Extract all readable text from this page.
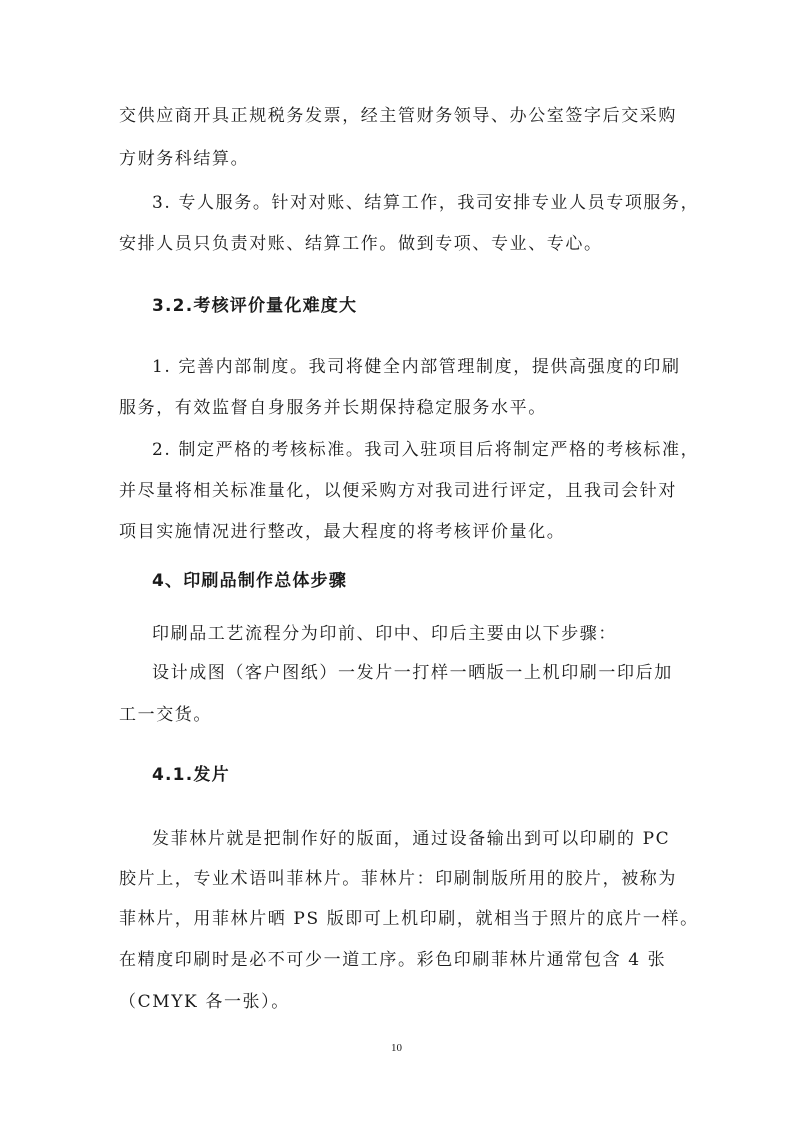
交供应商开具正规税务发票，经主管财务领导、办公室签字后交采购
方财务科结算。
3. 专人服务。针对对账、结算工作，我司安排专业人员专项服务，
安排人员只负责对账、结算工作。做到专项、专业、专心。
3.2.考核评价量化难度大
1. 完善内部制度。我司将健全内部管理制度，提供高强度的印刷
服务，有效监督自身服务并长期保持稳定服务水平。
2. 制定严格的考核标准。我司入驻项目后将制定严格的考核标准，
并尽量将相关标准量化，以便采购方对我司进行评定，且我司会针对
项目实施情况进行整改，最大程度的将考核评价量化。
4、印刷品制作总体步骤
印刷品工艺流程分为印前、印中、印后主要由以下步骤：
设计成图（客户图纸）一发片一打样一晒版一上机印刷一印后加
工一交货。
4.1.发片
发菲林片就是把制作好的版面，通过设备输出到可以印刷的 PC
胶片上，专业术语叫菲林片。菲林片：印刷制版所用的胶片，被称为
菲林片，用菲林片晒 PS 版即可上机印刷，就相当于照片的底片一样。
在精度印刷时是必不可少一道工序。彩色印刷菲林片通常包含 4 张
（CMYK 各一张）。
10
